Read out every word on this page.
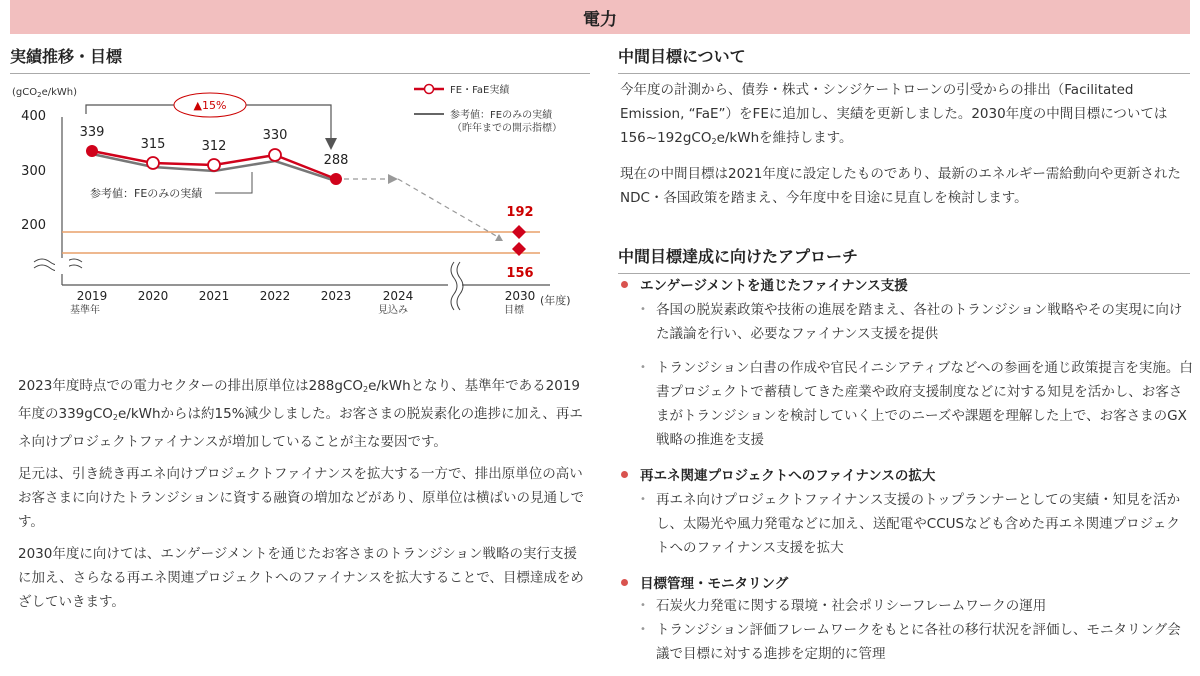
電力
実績推移・目標
(gCO$_2$e/kWh)
400
300
200
▲15%
参考値：FEのみの実績
339
315	312
330
288
192
156
2019	2020	2021	2022	2023	2024	2030
基準年	見込み	目標
(年度)
FE・FaE実績
参考値：FEのみの実績
（昨年までの開示指標）

2023年度時点での電力セクターの排出原単位は288gCO$_2$e/kWhとなり、基準年である2019年度の339gCO$_2$e/kWhからは約15%減少しました。お客さまの脱炭素化の進捗に加え、再エネ向けプロジェクトファイナンスが増加していることが主な要因です。

足元は、引き続き再エネ向けプロジェクトファイナンスを拡大する一方で、排出原単位の高いお客さまに向けたトランジションに資する融資の増加などがあり、原単位は横ばいの見通しです。

2030年度に向けては、エンゲージメントを通じたお客さまのトランジション戦略の実行支援に加え、さらなる再エネ関連プロジェクトへのファイナンスを拡大することで、目標達成をめざしていきます。

中間目標について

今年度の計測から、債券・株式・シンジケートローンの引受からの排出（Facilitated Emission, “FaE”）をFEに追加し、実績を更新しました。2030年度の中間目標については156~192gCO$_2$e/kWhを維持します。

現在の中間目標は2021年度に設定したものであり、最新のエネルギー需給動向や更新されたNDC・各国政策を踏まえ、今年度中を目途に見直しを検討します。

中間目標達成に向けたアプローチ
エンゲージメントを通じたファイナンス支援
• 各国の脱炭素政策や技術の進展を踏まえ、各社のトランジション戦略やその実現に向けた議論を行い、必要なファイナンス支援を提供
• トランジション白書の作成や官民イニシアティブなどへの参画を通じ政策提言を実施。白書プロジェクトで蓄積してきた産業や政府支援制度などに対する知見を活かし、お客さまがトランジションを検討していく上でのニーズや課題を理解した上で、お客さまのGX戦略の推進を支援
再エネ関連プロジェクトへのファイナンスの拡大
• 再エネ向けプロジェクトファイナンス支援のトップランナーとしての実績・知見を活かし、太陽光や風力発電などに加え、送配電やCCUSなども含めた再エネ関連プロジェクトへのファイナンス支援を拡大
目標管理・モニタリング
• 石炭火力発電に関する環境・社会ポリシーフレームワークの運用
• トランジション評価フレームワークをもとに各社の移行状況を評価し、モニタリング会議で目標に対する進捗を定期的に管理
